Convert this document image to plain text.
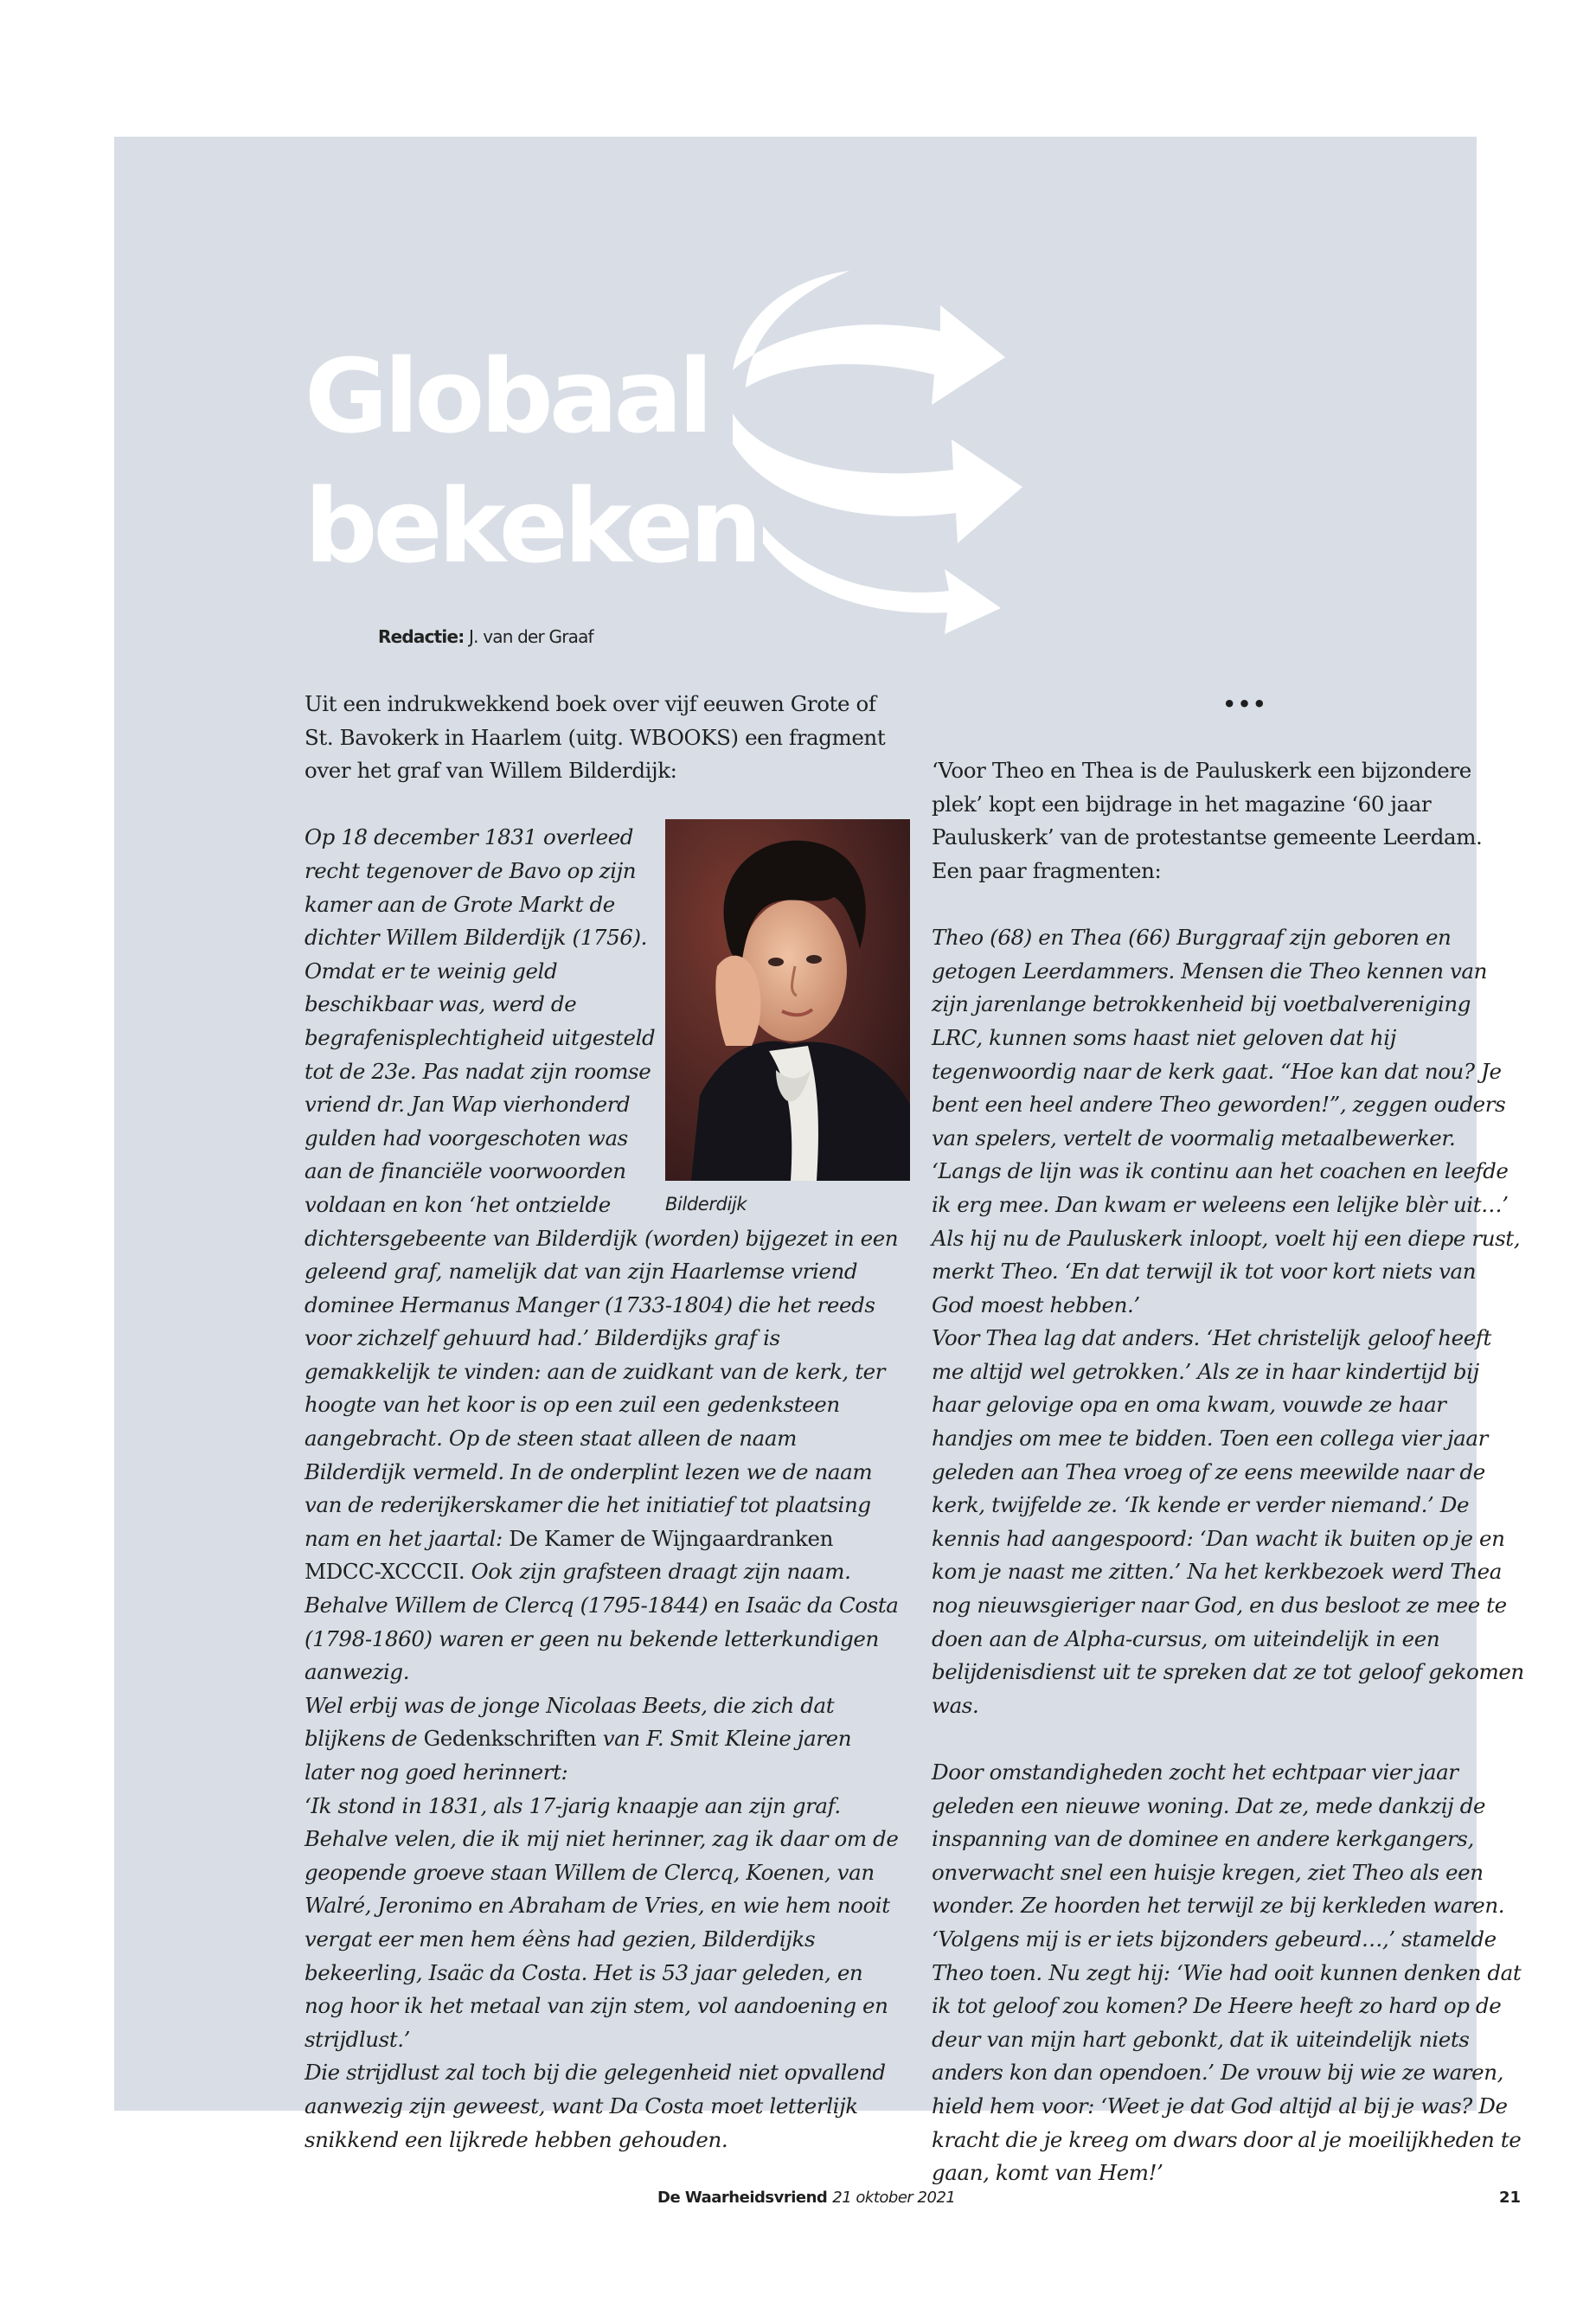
Globaal
bekeken
Redactie: J. van der Graaf

Uit een indrukwekkend boek over vijf eeuwen Grote of St. Bavokerk in Haarlem (uitg. WBOOKS) een fragment over het graf van Willem Bilderdijk:

Bilderdijk

Op 18 december 1831 overleed recht tegenover de Bavo op zijn kamer aan de Grote Markt de dichter Willem Bilderdijk (1756). Omdat er te weinig geld beschikbaar was, werd de begrafenisplechtigheid uitgesteld tot de 23e. Pas nadat zijn roomse vriend dr. Jan Wap vierhonderd gulden had voorgeschoten was aan de financiële voorwoorden voldaan en kon ‘het ontzielde dichtersgebeente van Bilderdijk (worden) bijgezet in een geleend graf, namelijk dat van zijn Haarlemse vriend dominee Hermanus Manger (1733-1804) die het reeds voor zichzelf gehuurd had.’ Bilderdijks graf is gemakkelijk te vinden: aan de zuidkant van de kerk, ter hoogte van het koor is op een zuil een gedenksteen aangebracht. Op de steen staat alleen de naam Bilderdijk vermeld. In de onderplint lezen we de naam van de rederijkerskamer die het initiatief tot plaatsing nam en het jaartal: De Kamer de Wijngaardranken MDCC-XCCCII. Ook zijn grafsteen draagt zijn naam. Behalve Willem de Clercq (1795-1844) en Isaäc da Costa (1798-1860) waren er geen nu bekende letterkundigen aanwezig.

Wel erbij was de jonge Nicolaas Beets, die zich dat blijkens de Gedenkschriften van F. Smit Kleine jaren later nog goed herinnert:

‘Ik stond in 1831, als 17-jarig knaapje aan zijn graf. Behalve velen, die ik mij niet herinner, zag ik daar om de geopende groeve staan Willem de Clercq, Koenen, van Walré, Jeronimo en Abraham de Vries, en wie hem nooit vergat eer men hem éèns had gezien, Bilderdijks bekeerling, Isaäc da Costa. Het is 53 jaar geleden, en nog hoor ik het metaal van zijn stem, vol aandoening en strijdlust.’

Die strijdlust zal toch bij die gelegenheid niet opvallend aanwezig zijn geweest, want Da Costa moet letterlijk snikkend een lijkrede hebben gehouden.

•••

‘Voor Theo en Thea is de Pauluskerk een bijzondere plek’ kopt een bijdrage in het magazine ‘60 jaar Pauluskerk’ van de protestantse gemeente Leerdam. Een paar fragmenten:

Theo (68) en Thea (66) Burggraaf zijn geboren en getogen Leerdammers. Mensen die Theo kennen van zijn jarenlange betrokkenheid bij voetbalvereniging LRC, kunnen soms haast niet geloven dat hij tegenwoordig naar de kerk gaat. “Hoe kan dat nou? Je bent een heel andere Theo geworden!”, zeggen ouders van spelers, vertelt de voormalig metaalbewerker. ‘Langs de lijn was ik continu aan het coachen en leefde ik erg mee. Dan kwam er weleens een lelijke blèr uit…’ Als hij nu de Pauluskerk inloopt, voelt hij een diepe rust, merkt Theo. ‘En dat terwijl ik tot voor kort niets van God moest hebben.’

Voor Thea lag dat anders. ‘Het christelijk geloof heeft me altijd wel getrokken.’ Als ze in haar kindertijd bij haar gelovige opa en oma kwam, vouwde ze haar handjes om mee te bidden. Toen een collega vier jaar geleden aan Thea vroeg of ze eens meewilde naar de kerk, twijfelde ze. ‘Ik kende er verder niemand.’ De kennis had aangespoord: ‘Dan wacht ik buiten op je en kom je naast me zitten.’ Na het kerkbezoek werd Thea nog nieuwsgieriger naar God, en dus besloot ze mee te doen aan de Alpha-cursus, om uiteindelijk in een belijdenisdienst uit te spreken dat ze tot geloof gekomen was.

Door omstandigheden zocht het echtpaar vier jaar geleden een nieuwe woning. Dat ze, mede dankzij de inspanning van de dominee en andere kerkgangers, onverwacht snel een huisje kregen, ziet Theo als een wonder. Ze hoorden het terwijl ze bij kerkleden waren. ‘Volgens mij is er iets bijzonders gebeurd…,’ stamelde Theo toen. Nu zegt hij: ‘Wie had ooit kunnen denken dat ik tot geloof zou komen? De Heere heeft zo hard op de deur van mijn hart gebonkt, dat ik uiteindelijk niets anders kon dan opendoen.’ De vrouw bij wie ze waren, hield hem voor: ‘Weet je dat God altijd al bij je was? De kracht die je kreeg om dwars door al je moeilijkheden te gaan, komt van Hem!’

De Waarheidsvriend 21 oktober 2021	21
